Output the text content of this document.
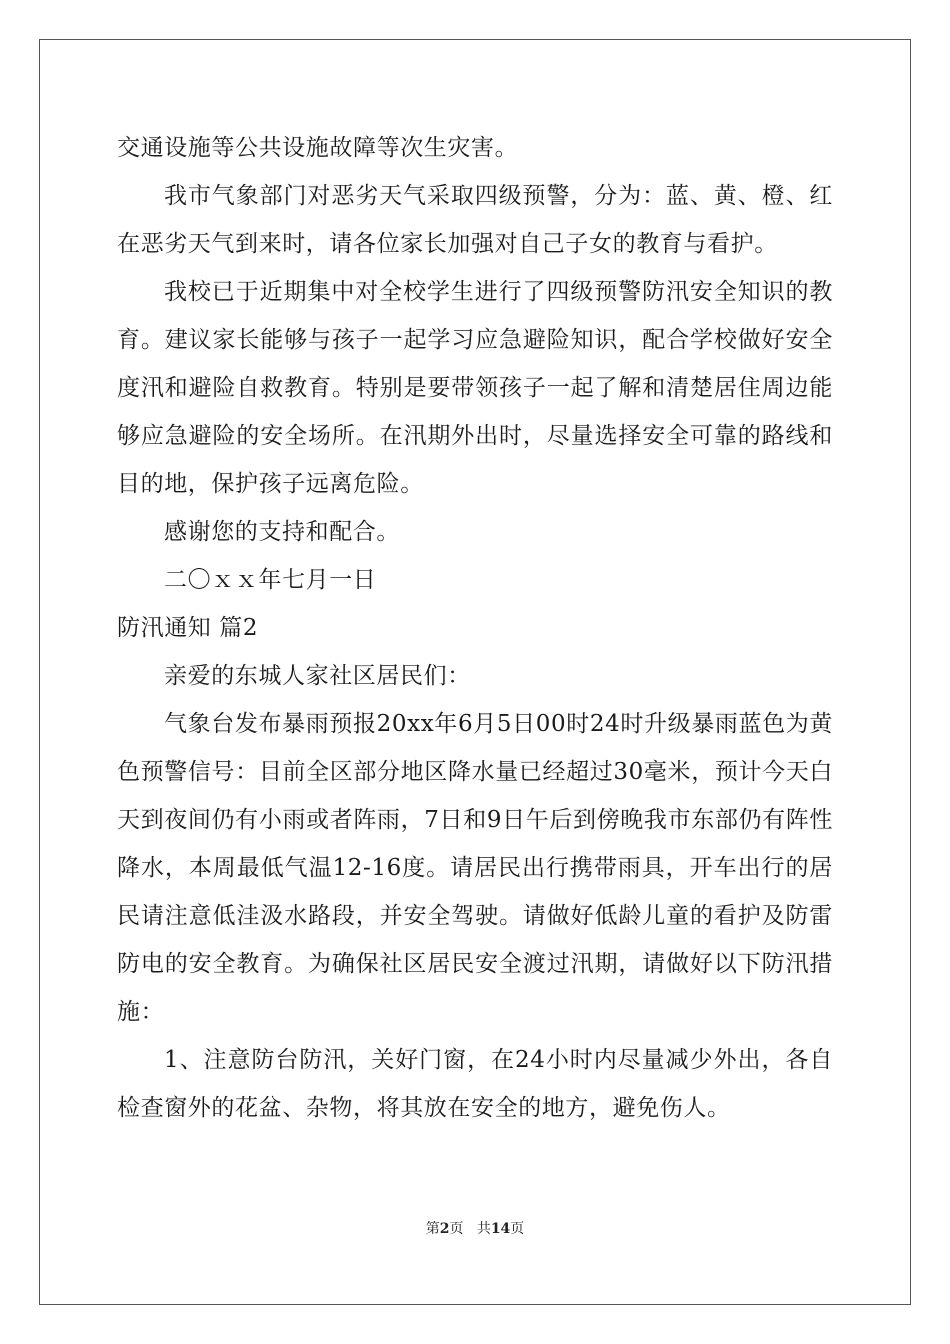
交通设施等公共设施故障等次生灾害。

我市气象部门对恶劣天气采取四级预警，分为：蓝、黄、橙、红在恶劣天气到来时，请各位家长加强对自己子女的教育与看护。

我校已于近期集中对全校学生进行了四级预警防汛安全知识的教育。建议家长能够与孩子一起学习应急避险知识，配合学校做好安全度汛和避险自救教育。特别是要带领孩子一起了解和清楚居住周边能够应急避险的安全场所。在汛期外出时，尽量选择安全可靠的路线和目的地，保护孩子远离危险。

感谢您的支持和配合。

二〇ｘｘ年七月一日

防汛通知 篇2

亲爱的东城人家社区居民们：

气象台发布暴雨预报20xx年6月5日00时24时升级暴雨蓝色为黄色预警信号：目前全区部分地区降水量已经超过30毫米，预计今天白天到夜间仍有小雨或者阵雨，7日和9日午后到傍晚我市东部仍有阵性降水，本周最低气温12-16度。请居民出行携带雨具，开车出行的居民请注意低洼汲水路段，并安全驾驶。请做好低龄儿童的看护及防雷防电的安全教育。为确保社区居民安全渡过汛期，请做好以下防汛措施：

1、注意防台防汛，关好门窗，在24小时内尽量减少外出，各自检查窗外的花盆、杂物，将其放在安全的地方，避免伤人。

第2页 共14页
